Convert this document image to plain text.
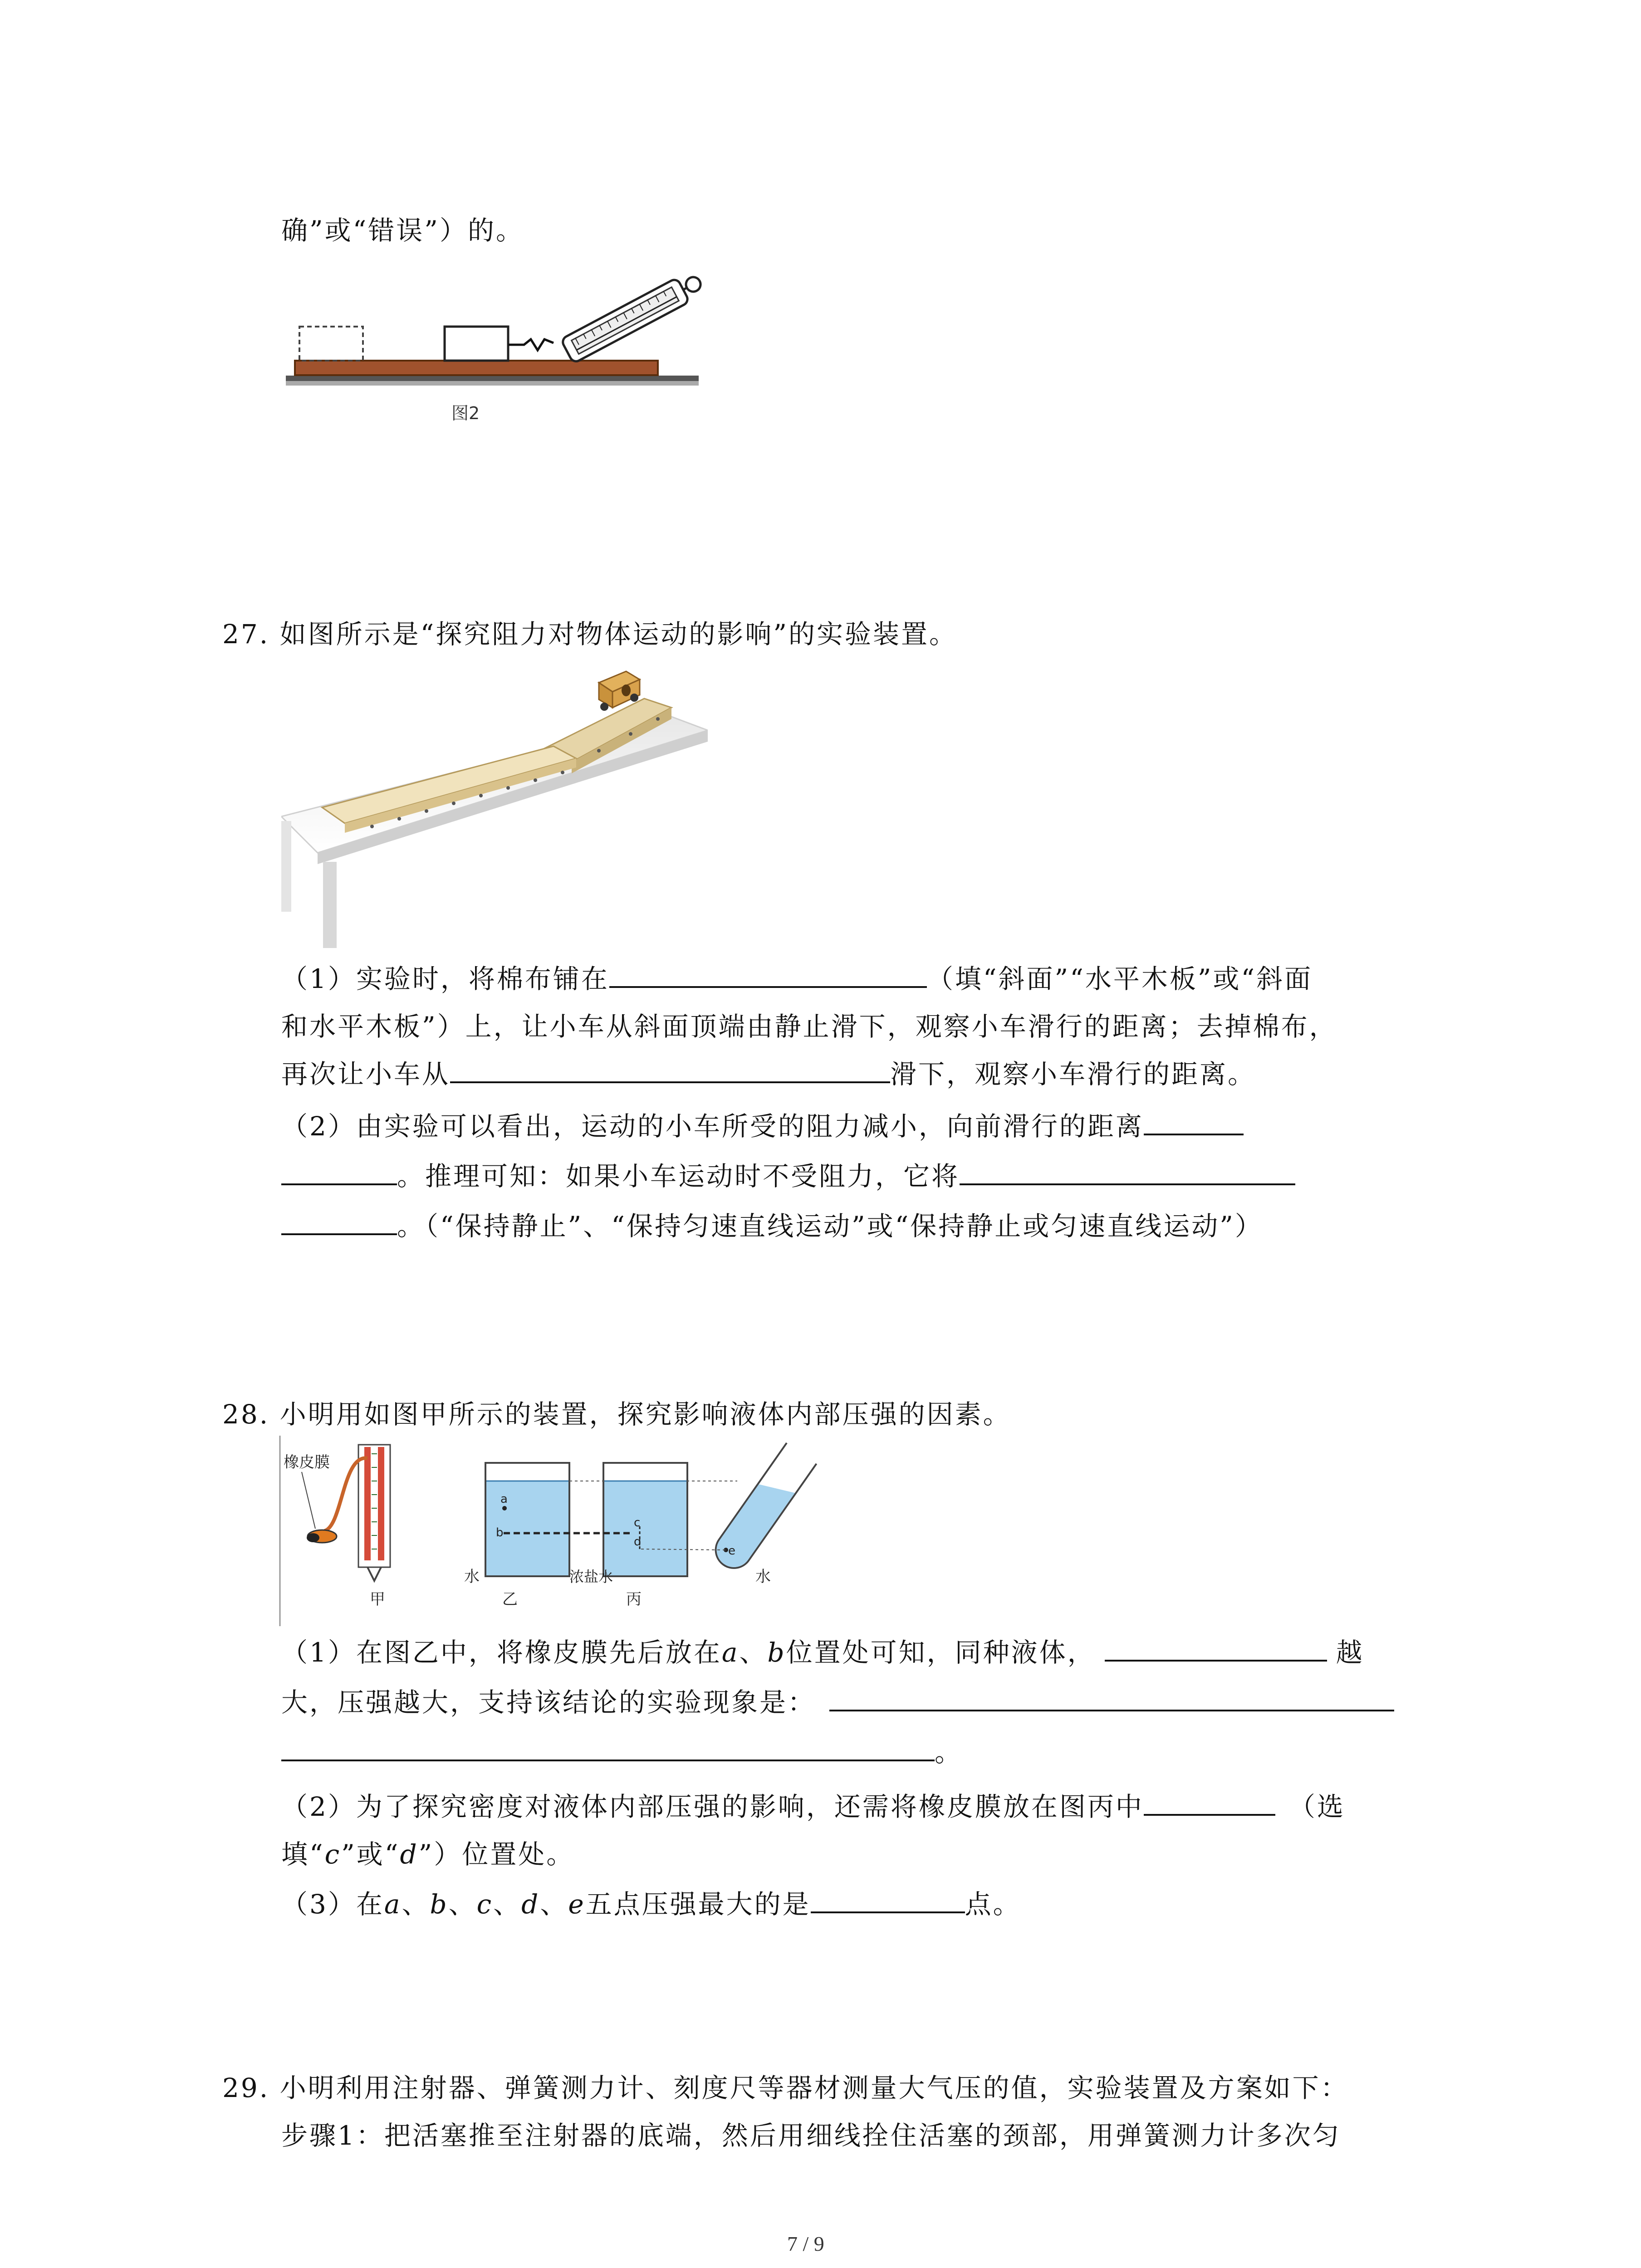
确”或“错误”）的。
图2
27. 如图所示是“探究阻力对物体运动的影响”的实验装置。
（1）实验时，将棉布铺在	（填“斜面”“水平木板”或“斜面
和水平木板”）上，让小车从斜面顶端由静止滑下，观察小车滑行的距离；去掉棉布，
再次让小车从	滑下，观察小车滑行的距离。
（2）由实验可以看出，运动的小车所受的阻力减小，向前滑行的距离
。推理可知：如果小车运动时不受阻力，它将
。（“保持静止”、“保持匀速直线运动”或“保持静止或匀速直线运动”）
28. 小明用如图甲所示的装置，探究影响液体内部压强的因素。
橡皮膜
甲
a
b
水
乙
c
d
浓盐水
丙
e
水
（1）在图乙中，将橡皮膜先后放在a、b位置处可知，同种液体，	越
大，压强越大，支持该结论的实验现象是：
。
（2）为了探究密度对液体内部压强的影响，还需将橡皮膜放在图丙中	（选
填“c”或“d”）位置处。
（3）在a、b、c、d、e五点压强最大的是	点。
29. 小明利用注射器、弹簧测力计、刻度尺等器材测量大气压的值，实验装置及方案如下：
步骤1：把活塞推至注射器的底端，然后用细线拴住活塞的颈部，用弹簧测力计多次匀
7 / 9
